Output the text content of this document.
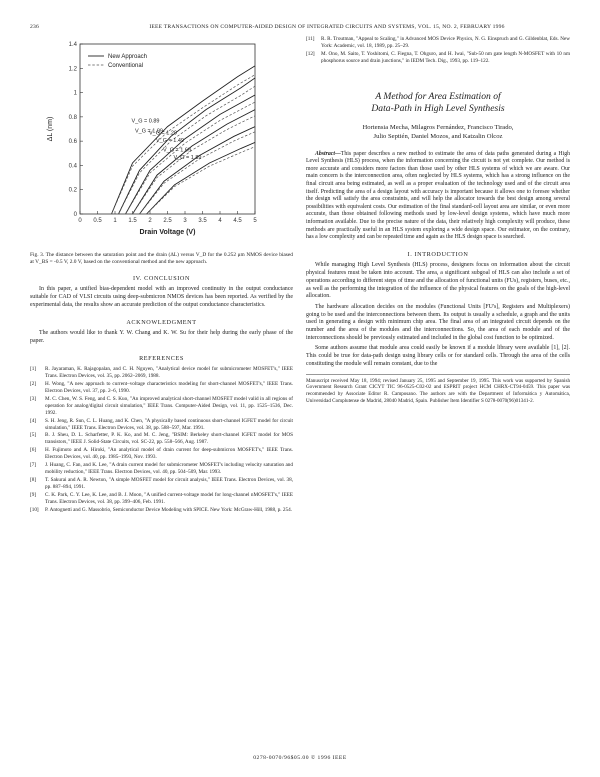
236	IEEE TRANSACTIONS ON COMPUTER-AIDED DESIGN OF INTEGRATED CIRCUITS AND SYSTEMS, VOL. 15, NO. 2, FEBRUARY 1996
0 0.5 1 1.5 2 2.5 3 3.5 4 4.5 5
0
0.2
0.4
0.6
0.8
1
1.2
1.4
Drain Voltage (V)
ΔL (nm)	V_G = 0.89
V_G = 1.09
V_G = 1.29
V_G = 1.49
V_G = 1.69
V_G = 1.89
New Approach
Conventional
Fig. 3. The distance between the saturation point and the drain (ΔL) versus V_D for the 0.252 μm NMOS device biased at V_BS = -0.5 V, 2.0 V, based on the conventional method and the new approach.
IV. CONCLUSION

In this paper, a unified bias-dependent model with an improved continuity in the output conductance suitable for CAD of VLSI circuits using deep-submicron NMOS devices has been reported. As verified by the experimental data, the results show an accurate prediction of the output conductance characteristics.

ACKNOWLEDGMENT

The authors would like to thank Y. W. Chang and K. W. Su for their help during the early phase of the paper.

REFERENCES
[1] R. Jayaraman, K. Rajagopalan, and C. H. Nguyen, "Analytical device model for submicrometer MOSFET's," IEEE Trans. Electron Devices, vol. 35, pp. 2062–2069, 1988.
[2] H. Wong, "A new approach to current–voltage characteristics modeling for short-channel MOSFET's," IEEE Trans. Electron Devices, vol. 37, pp. 2–6, 1990.
[3] M. C. Chen, W. S. Feng, and C. S. Kuo, "An improved analytical short-channel MOSFET model valid in all regions of operation for analog/digital circuit simulation," IEEE Trans. Computer-Aided Design, vol. 11, pp. 1525–1536, Dec. 1992.
[4] S. H. Jeng, R. Sun, C. L. Huang, and K. Chen, "A physically based continuous short-channel IGFET model for circuit simulation," IEEE Trans. Electron Devices, vol. 38, pp. 588–597, Mar. 1991.
[5] B. J. Sheu, D. L. Scharfetter, P. K. Ko, and M. C. Jeng, "BSIM: Berkeley short-channel IGFET model for MOS transistors," IEEE J. Solid-State Circuits, vol. SC-22, pp. 558–566, Aug. 1987.
[6] H. Fujimoto and A. Hiroki, "An analytical model of drain current for deep-submicron MOSFET's," IEEE Trans. Electron Devices, vol. 40, pp. 1985–1993, Nov. 1993.
[7] J. Huang, C. Fan, and K. Lee, "A drain current model for submicrometer MOSFET's including velocity saturation and mobility reduction," IEEE Trans. Electron Devices, vol. 40, pp. 504–509, Mar. 1993.
[8] T. Sakurai and A. R. Newton, "A simple MOSFET model for circuit analysis," IEEE Trans. Electron Devices, vol. 38, pp. 887–894, 1991.
[9] C. K. Park, C. Y. Lee, K. Lee, and B. J. Moon, "A unified current-voltage model for long-channel nMOSFET's," IEEE Trans. Electron Devices, vol. 38, pp. 399–406, Feb. 1991.
[10] P. Antognetti and G. Massobrio, Semiconductor Device Modeling with SPICE. New York: McGraw-Hill, 1988, p. 254.
[11] R. R. Troutman, "Appeal to Scaling," in Advanced MOS Device Physics, N. G. Einspruch and G. Gildenblat, Eds. New York: Academic, vol. 18, 1989, pp. 25–29.
[12] M. Ono, M. Saito, T. Yoshitomi, C. Fiegna, T. Ohguro, and H. Iwai, "Sub-50 nm gate length N-MOSFET with 10 nm phosphorus source and drain junctions," in IEDM Tech. Dig., 1993, pp. 119–122.
A Method for Area Estimation of
Data-Path in High Level Synthesis
Hortensia Mecha, Milagros Fernández, Francisco Tirado,
Julio Septién, Daniel Mozos, and Katzalin Olcoz

Abstract—This paper describes a new method to estimate the area of data paths generated during a High Level Synthesis (HLS) process, when the information concerning the circuit is not yet complete. Our method is more accurate and considers more factors than those used by other HLS systems of which we are aware. Our main concern is the interconnection area, often neglected by HLS systems, which has a strong influence on the final circuit area being estimated, as well as a proper evaluation of the technology used and of the circuit area itself. Predicting the area of a design layout with accuracy is important because it allows one to foresee whether the design will satisfy the area constraints, and will help the allocator towards the best design among several possibilities with equivalent costs. Our estimation of the final standard-cell layout area are similar, or even more accurate, than those obtained following methods used by low-level design systems, which have much more information available. Due to the precise nature of the data, their relatively high complexity will produce, these methods are practically useful in an HLS system exploring a wide design space. Our estimator, on the contrary, has a low complexity and can be repeated time and again as the HLS design space is searched.

I. INTRODUCTION

While managing High Level Synthesis (HLS) process, designers focus on information about the circuit physical features must be taken into account. The area, a significant subgoal of HLS can also include a set of operations according to different steps of time and the allocation of functional units (FUs), registers, buses, etc., as well as the performing the integration of the influence of the physical features on the goals of the high-level allocation.

The hardware allocation decides on the modules (Functional Units [FU's], Registers and Multiplexers) going to be used and the interconnections between them. Its output is usually a schedule, a graph and the units used in generating a design with minimum chip area. The final area of an integrated circuit depends on the number and the area of the modules and the interconnections. So, the area of each module and of the interconnections should be previously estimated and included in the global cost function to be optimized.

Some authors assume that module area could easily be known if a module library were available [1], [2]. This could be true for data-path design using library cells or for standard cells. Through the area of the cells constituting the module will remain constant, due to the

Manuscript received May 18, 1994; revised January 25, 1995 and September 19, 1995. This work was supported by Spanish Government Research Grant CICYT TIC 96-0525-C02-02 and ESPRIT project HCM CHRX-CT94-0459. This paper was recommended by Associate Editor R. Camposano. The authors are with the Department of Informática y Automática, Universidad Complutense de Madrid, 28040 Madrid, Spain. Publisher Item Identifier S 0278-0070(96)01341-2.
0278-0070/96$05.00 © 1996 IEEE
